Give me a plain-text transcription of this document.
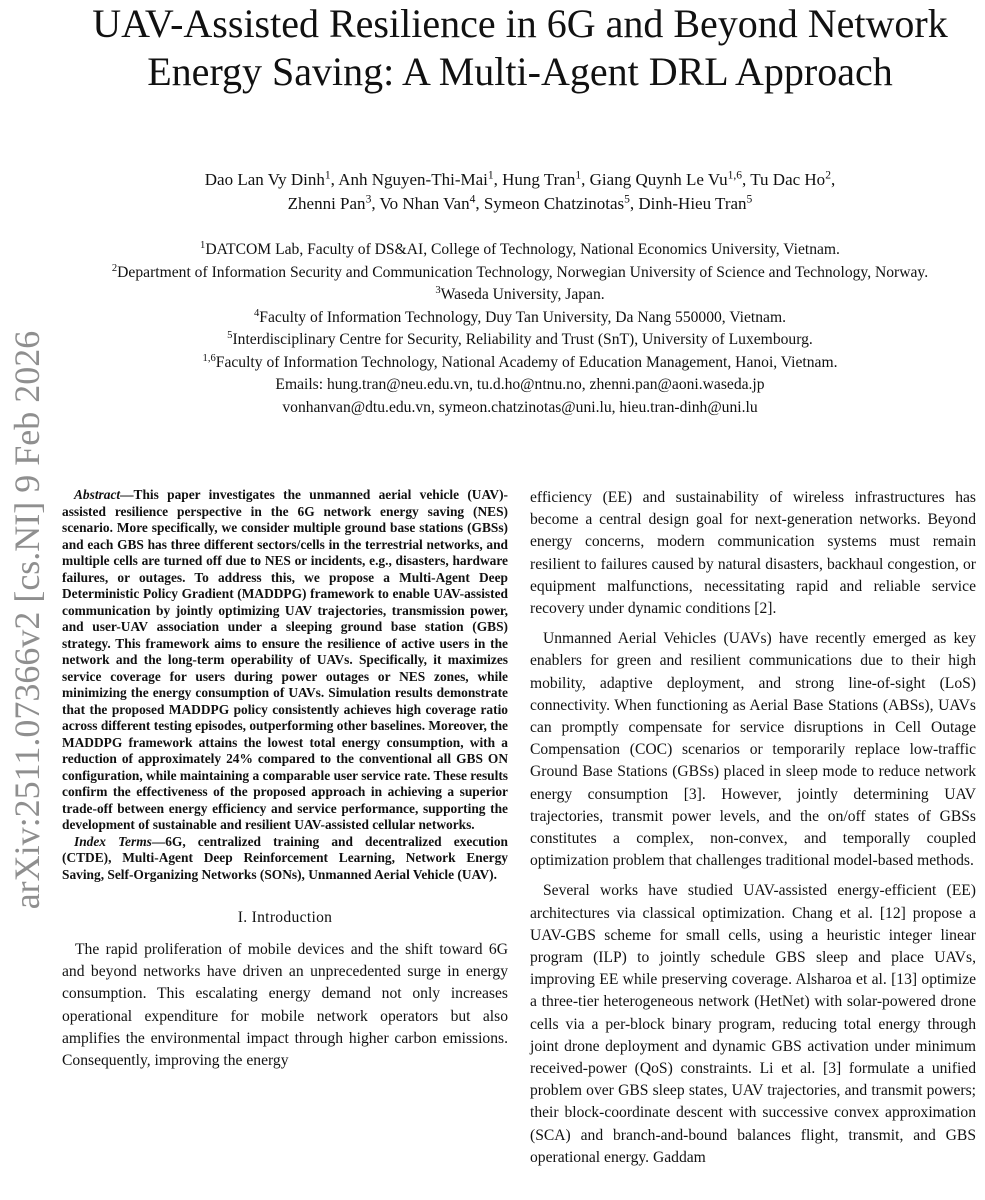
arXiv:2511.07366v2 [cs.NI] 9 Feb 2026
UAV-Assisted Resilience in 6G and Beyond Network Energy Saving: A Multi-Agent DRL Approach
Dao Lan Vy Dinh$^1$, Anh Nguyen-Thi-Mai$^1$, Hung Tran$^1$, Giang Quynh Le Vu$^{1,6}$, Tu Dac Ho$^2$,
Zhenni Pan$^3$, Vo Nhan Van$^4$, Symeon Chatzinotas$^5$, Dinh-Hieu Tran$^5$
$^1$DATCOM Lab, Faculty of DS&AI, College of Technology, National Economics University, Vietnam.
$^2$Department of Information Security and Communication Technology, Norwegian University of Science and Technology, Norway.
$^3$Waseda University, Japan.
$^4$Faculty of Information Technology, Duy Tan University, Da Nang 550000, Vietnam.
$^5$Interdisciplinary Centre for Security, Reliability and Trust (SnT), University of Luxembourg.
$^{1,6}$Faculty of Information Technology, National Academy of Education Management, Hanoi, Vietnam.
Emails: hung.tran@neu.edu.vn, tu.d.ho@ntnu.no, zhenni.pan@aoni.waseda.jp
vonhanvan@dtu.edu.vn, symeon.chatzinotas@uni.lu, hieu.tran-dinh@uni.lu

Abstract—This paper investigates the unmanned aerial vehicle (UAV)-assisted resilience perspective in the 6G network energy saving (NES) scenario. More specifically, we consider multiple ground base stations (GBSs) and each GBS has three different sectors/cells in the terrestrial networks, and multiple cells are turned off due to NES or incidents, e.g., disasters, hardware failures, or outages. To address this, we propose a Multi-Agent Deep Deterministic Policy Gradient (MADDPG) framework to enable UAV-assisted communication by jointly optimizing UAV trajectories, transmission power, and user-UAV association under a sleeping ground base station (GBS) strategy. This framework aims to ensure the resilience of active users in the network and the long-term operability of UAVs. Specifically, it maximizes service coverage for users during power outages or NES zones, while minimizing the energy consumption of UAVs. Simulation results demonstrate that the proposed MADDPG policy consistently achieves high coverage ratio across different testing episodes, outperforming other baselines. Moreover, the MADDPG framework attains the lowest total energy consumption, with a reduction of approximately 24% compared to the conventional all GBS ON configuration, while maintaining a comparable user service rate. These results confirm the effectiveness of the proposed approach in achieving a superior trade-off between energy efficiency and service performance, supporting the development of sustainable and resilient UAV-assisted cellular networks.

Index Terms—6G, centralized training and decentralized execution (CTDE), Multi-Agent Deep Reinforcement Learning, Network Energy Saving, Self-Organizing Networks (SONs), Unmanned Aerial Vehicle (UAV).

I. Introduction

The rapid proliferation of mobile devices and the shift toward 6G and beyond networks have driven an unprecedented surge in energy consumption. This escalating energy demand not only increases operational expenditure for mobile network operators but also amplifies the environmental impact through higher carbon emissions. Consequently, improving the energy

efficiency (EE) and sustainability of wireless infrastructures has become a central design goal for next-generation networks. Beyond energy concerns, modern communication systems must remain resilient to failures caused by natural disasters, backhaul congestion, or equipment malfunctions, necessitating rapid and reliable service recovery under dynamic conditions [2].

Unmanned Aerial Vehicles (UAVs) have recently emerged as key enablers for green and resilient communications due to their high mobility, adaptive deployment, and strong line-of-sight (LoS) connectivity. When functioning as Aerial Base Stations (ABSs), UAVs can promptly compensate for service disruptions in Cell Outage Compensation (COC) scenarios or temporarily replace low-traffic Ground Base Stations (GBSs) placed in sleep mode to reduce network energy consumption [3]. However, jointly determining UAV trajectories, transmit power levels, and the on/off states of GBSs constitutes a complex, non-convex, and temporally coupled optimization problem that challenges traditional model-based methods.

Several works have studied UAV-assisted energy-efficient (EE) architectures via classical optimization. Chang et al. [12] propose a UAV-GBS scheme for small cells, using a heuristic integer linear program (ILP) to jointly schedule GBS sleep and place UAVs, improving EE while preserving coverage. Alsharoa et al. [13] optimize a three-tier heterogeneous network (HetNet) with solar-powered drone cells via a per-block binary program, reducing total energy through joint drone deployment and dynamic GBS activation under minimum received-power (QoS) constraints. Li et al. [3] formulate a unified problem over GBS sleep states, UAV trajectories, and transmit powers; their block-coordinate descent with successive convex approximation (SCA) and branch-and-bound balances flight, transmit, and GBS operational energy. Gaddam
